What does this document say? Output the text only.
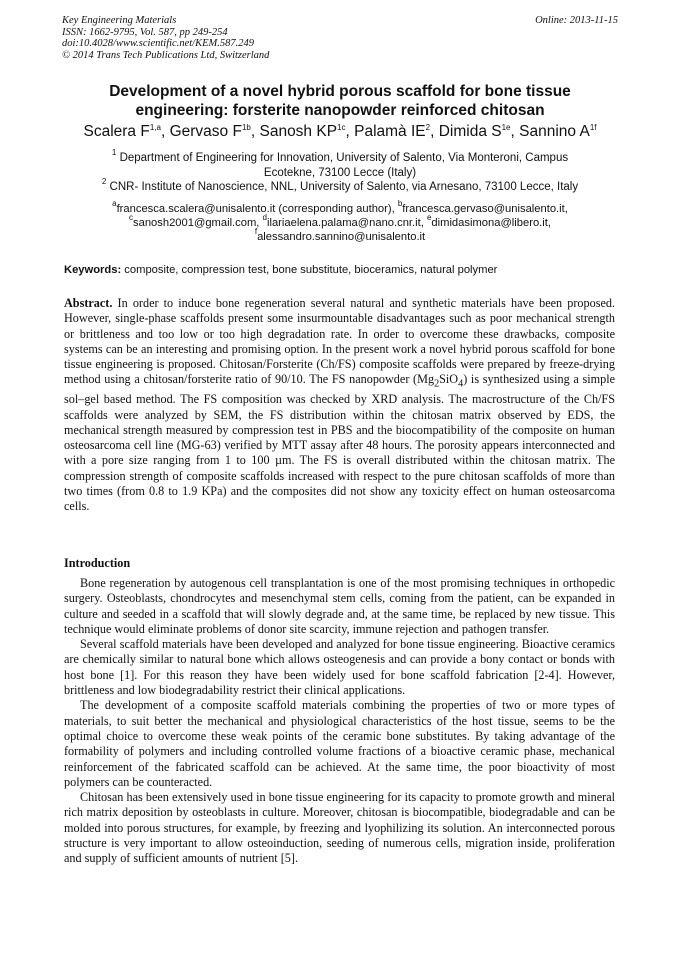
Key Engineering Materials
ISSN: 1662-9795, Vol. 587, pp 249-254
doi:10.4028/www.scientific.net/KEM.587.249
© 2014 Trans Tech Publications Ltd, Switzerland
Online: 2013-11-15
Development of a novel hybrid porous scaffold for bone tissue
engineering: forsterite nanopowder reinforced chitosan
Scalera F$^{1,a}$, Gervaso $F^{1b}$, Sanosh $KP^{1c}$, Palamà $IE^2$, Dimida $S^{1e}$, Sannino $A^{1f}$
$^1$ Department of Engineering for Innovation, University of Salento, Via Monteroni, Campus
Ecotekne, 73100 Lecce (Italy)
$^2$ CNR- Institute of Nanoscience, NNL, University of Salento, via Arnesano, 73100 Lecce, Italy
$^a$francesca.scalera@unisalento.it (corresponding author), $^b$francesca.gervaso@unisalento.it,
$^c$sanosh2001@gmail.com, $^d$ilariaelena.palama@nano.cnr.it, $^e$dimidasimona@libero.it,
$^f$alessandro.sannino@unisalento.it
Keywords: composite, compression test, bone substitute, bioceramics, natural polymer
Abstract. In order to induce bone regeneration several natural and synthetic materials have been proposed. However, single-phase scaffolds present some insurmountable disadvantages such as poor mechanical strength or brittleness and too low or too high degradation rate. In order to overcome these drawbacks, composite systems can be an interesting and promising option. In the present work a novel hybrid porous scaffold for bone tissue engineering is proposed. Chitosan/Forsterite (Ch/FS) composite scaffolds were prepared by freeze-drying method using a chitosan/forsterite ratio of 90/10. The FS nanopowder $(Mg_2SiO_4)$ is synthesized using a simple sol–gel based method. The FS composition was checked by XRD analysis. The macrostructure of the Ch/FS scaffolds were analyzed by SEM, the FS distribution within the chitosan matrix observed by EDS, the mechanical strength measured by compression test in PBS and the biocompatibility of the composite on human osteosarcoma cell line (MG-63) verified by MTT assay after 48 hours. The porosity appears interconnected and with a pore size ranging from 1 to 100 µm. The FS is overall distributed within the chitosan matrix. The compression strength of composite scaffolds increased with respect to the pure chitosan scaffolds of more than two times (from 0.8 to 1.9 KPa) and the composites did not show any toxicity effect on human osteosarcoma cells.
Introduction

Bone regeneration by autogenous cell transplantation is one of the most promising techniques in orthopedic surgery. Osteoblasts, chondrocytes and mesenchymal stem cells, coming from the patient, can be expanded in culture and seeded in a scaffold that will slowly degrade and, at the same time, be replaced by new tissue. This technique would eliminate problems of donor site scarcity, immune rejection and pathogen transfer.

Several scaffold materials have been developed and analyzed for bone tissue engineering. Bioactive ceramics are chemically similar to natural bone which allows osteogenesis and can provide a bony contact or bonds with host bone [1]. For this reason they have been widely used for bone scaffold fabrication [2-4]. However, brittleness and low biodegradability restrict their clinical applications.

The development of a composite scaffold materials combining the properties of two or more types of materials, to suit better the mechanical and physiological characteristics of the host tissue, seems to be the optimal choice to overcome these weak points of the ceramic bone substitutes. By taking advantage of the formability of polymers and including controlled volume fractions of a bioactive ceramic phase, mechanical reinforcement of the fabricated scaffold can be achieved. At the same time, the poor bioactivity of most polymers can be counteracted.

Chitosan has been extensively used in bone tissue engineering for its capacity to promote growth and mineral rich matrix deposition by osteoblasts in culture. Moreover, chitosan is biocompatible, biodegradable and can be molded into porous structures, for example, by freezing and lyophilizing its solution. An interconnected porous structure is very important to allow osteoinduction, seeding of numerous cells, migration inside, proliferation and supply of sufficient amounts of nutrient [5].
